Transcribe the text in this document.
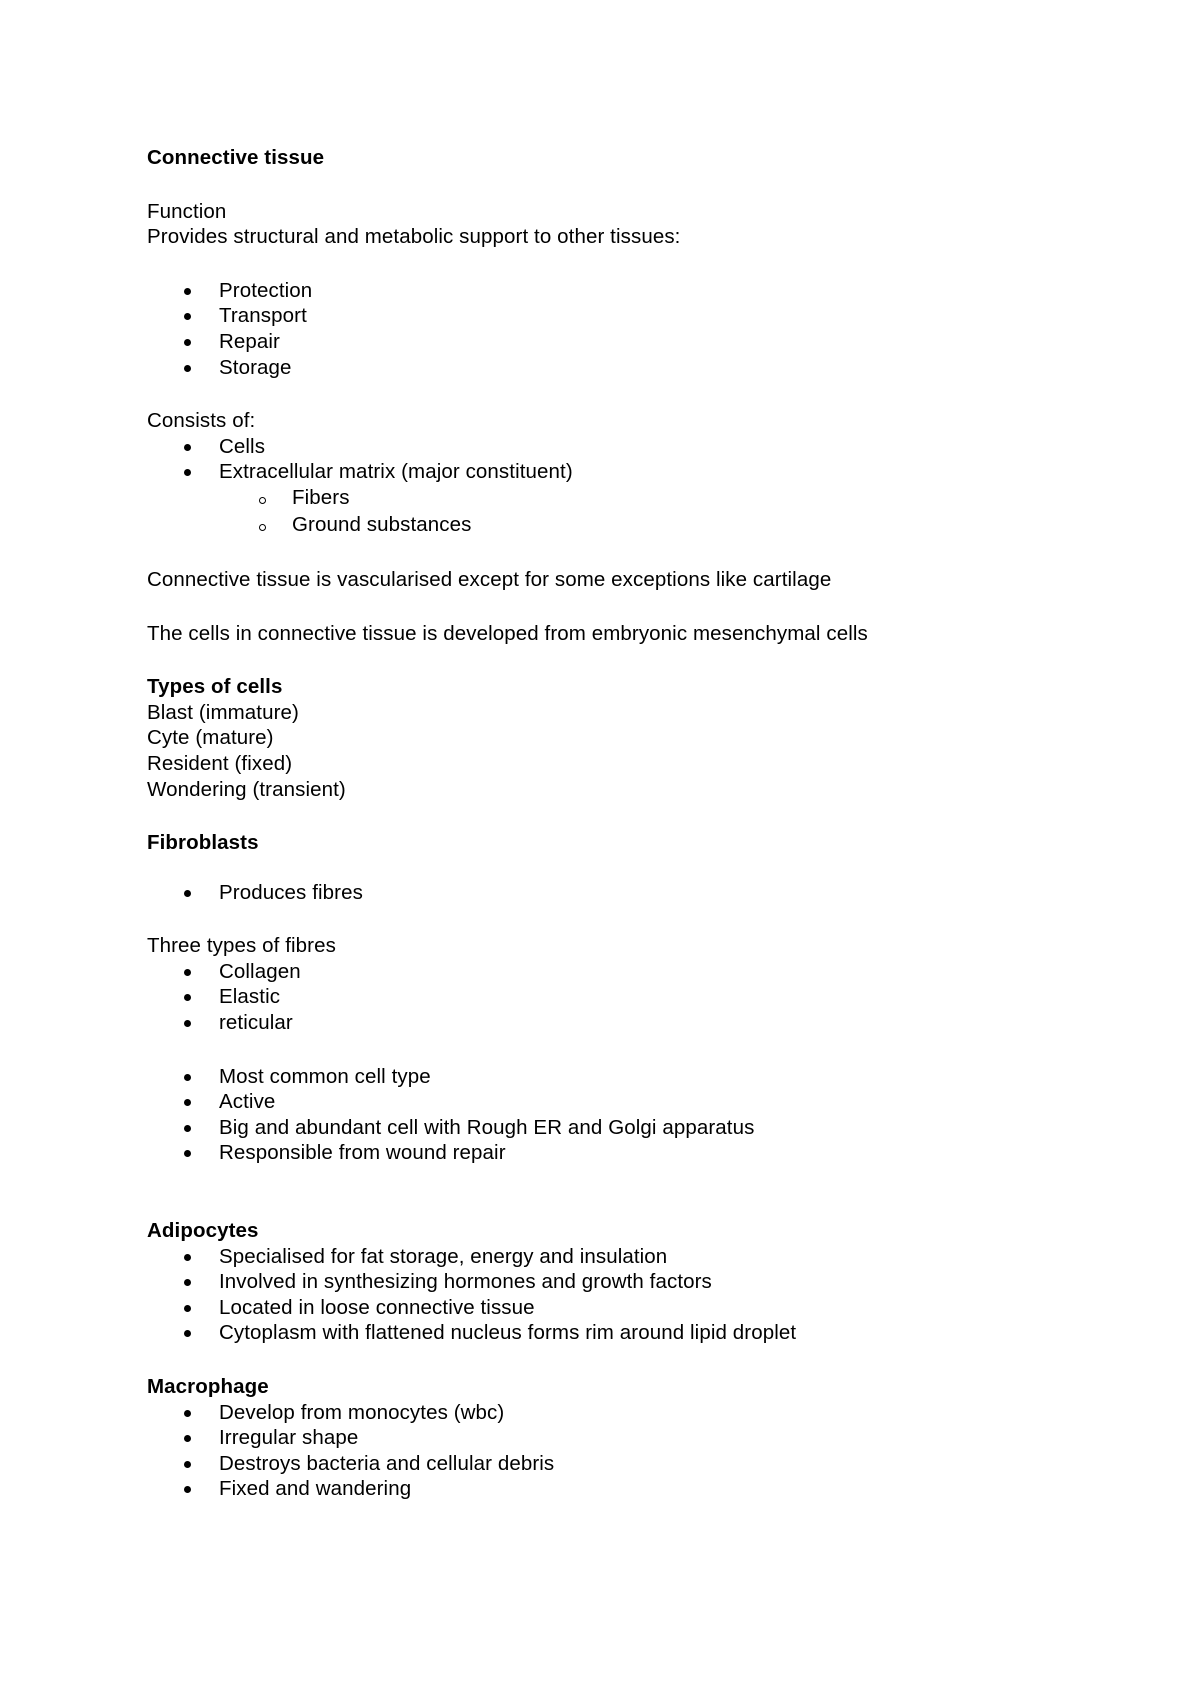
Connective tissue
Function
Provides structural and metabolic support to other tissues:
Protection
Transport
Repair
Storage
Consists of:
Cells
Extracellular matrix (major constituent)
Fibers
Ground substances
Connective tissue is vascularised except for some exceptions like cartilage
The cells in connective tissue is developed from embryonic mesenchymal cells
Types of cells
Blast (immature)
Cyte (mature)
Resident (fixed)
Wondering (transient)
Fibroblasts
Produces fibres
Three types of fibres
Collagen
Elastic
reticular
Most common cell type
Active
Big and abundant cell with Rough ER and Golgi apparatus
Responsible from wound repair
Adipocytes
Specialised for fat storage, energy and insulation
Involved in synthesizing hormones and growth factors
Located in loose connective tissue
Cytoplasm with flattened nucleus forms rim around lipid droplet
Macrophage
Develop from monocytes (wbc)
Irregular shape
Destroys bacteria and cellular debris
Fixed and wandering
